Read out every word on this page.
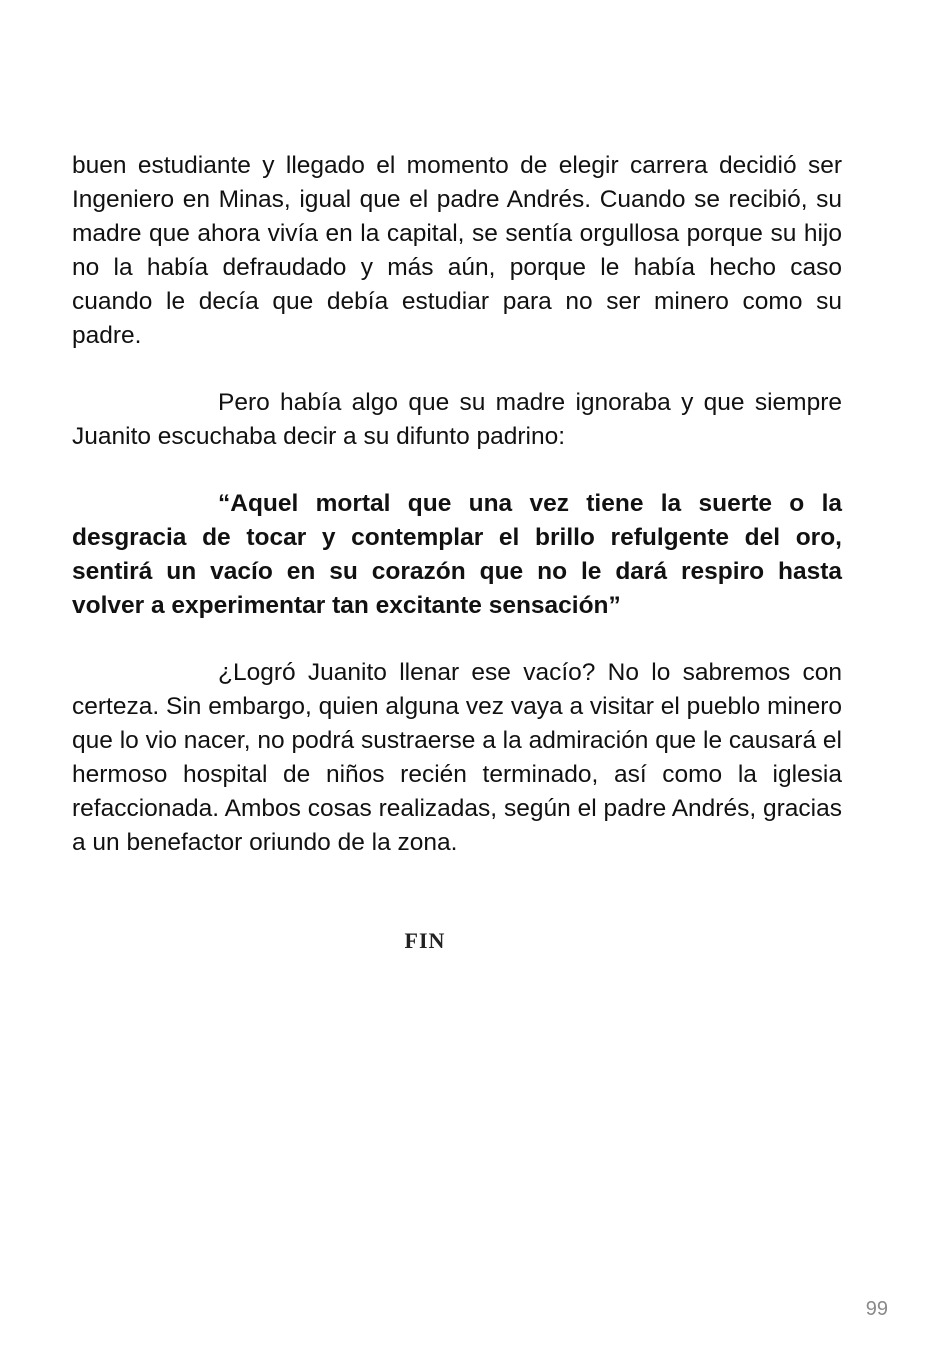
buen estudiante y llegado el momento de elegir carrera decidió ser Ingeniero en Minas, igual que el padre Andrés. Cuando se recibió, su madre que ahora vivía en la capital, se sentía orgullosa porque su hijo no la había defraudado y más aún, porque le había hecho caso cuando le decía que debía estudiar para no ser minero como su padre.

Pero había algo que su madre ignoraba y que siempre Juanito escuchaba decir a su difunto padrino:

“Aquel mortal que una vez tiene la suerte o la desgracia de tocar y contemplar el brillo refulgente del oro, sentirá un vacío en su corazón que no le dará respiro hasta volver a experimentar tan excitante sensación”

¿Logró Juanito llenar ese vacío? No lo sabremos con certeza. Sin embargo, quien alguna vez vaya a visitar el pueblo minero que lo vio nacer, no podrá sustraerse a la admiración que le causará el hermoso hospital de niños recién terminado, así como la iglesia refaccionada. Ambos cosas realizadas, según el padre Andrés, gracias a un benefactor oriundo de la zona.

FIN
99
